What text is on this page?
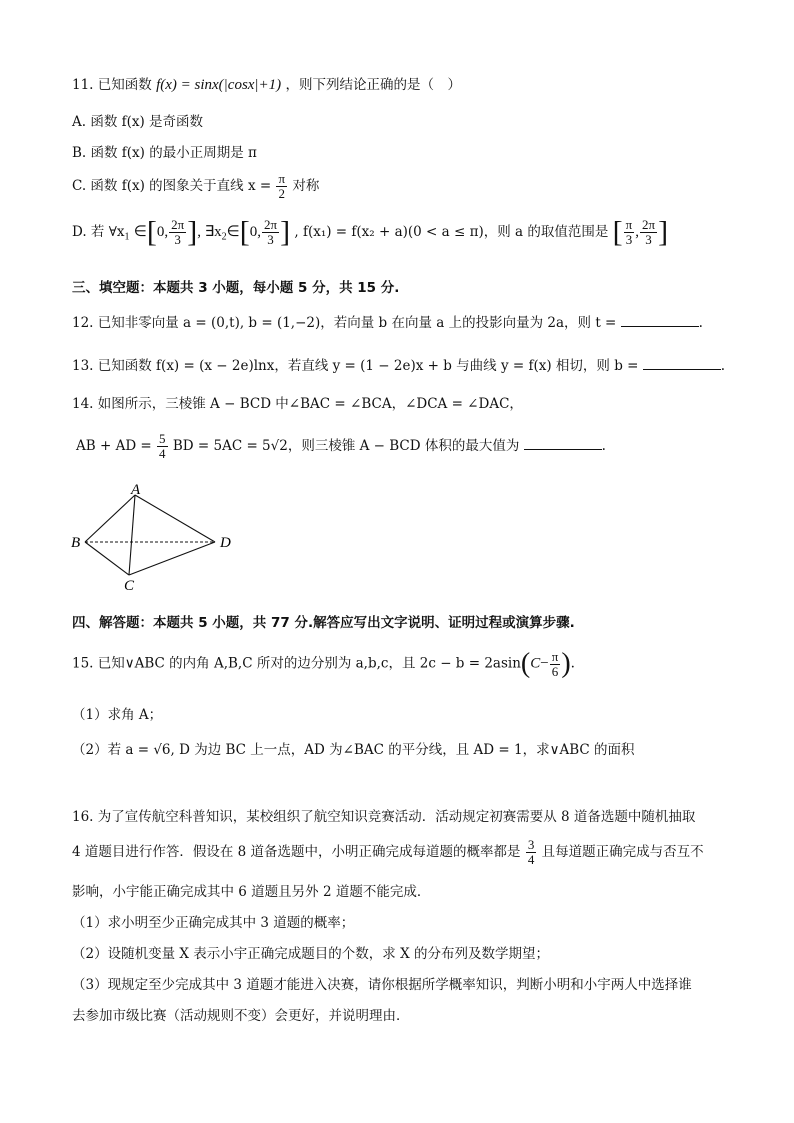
11. 已知函数 f(x) = sinx(|cosx|+1) ，则下列结论正确的是（　）
A. 函数 f(x) 是奇函数
B. 函数 f(x) 的最小正周期是 π
C. 函数 f(x) 的图象关于直线 $x = \frac{\pi}{2}$ 对称
D. 若 $\forall x_1$ ∈[0, $\frac{2\pi}{3}$ ], $\exists x_2\in[0$, $\frac{2\pi}{3}$ ] , f(x₁) = f(x₂ + a)(0 < a ≤ π)，则 a 的取值范围是 [ $\frac{\pi}{3}$ , $\frac{2\pi}{3}$ ]
三、填空题：本题共 3 小题，每小题 5 分，共 15 分.
12. 已知非零向量 a = (0,t), b = (1,−2)，若向量 b 在向量 a 上的投影向量为 2a，则 t =	.
13. 已知函数 f(x) = (x − 2e)lnx，若直线 y = (1 − 2e)x + b 与曲线 y = f(x) 相切，则 b =	.
14. 如图所示，三棱锥 A − BCD 中∠BAC = ∠BCA，∠DCA = ∠DAC，
AB + AD = $\frac{5}{4}$ BD = 5AC = 5√2，则三棱锥 A − BCD 体积的最大值为	.
A
B
C
D
四、解答题：本题共 5 小题，共 77 分.解答应写出文字说明、证明过程或演算步骤.
15. 已知∨ABC 的内角 A,B,C 所对的边分别为 a,b,c，且 $2c - b = 2asin(C- \frac{\pi}{6}$ ).
（1）求角 A；
（2）若 a = √6, D 为边 BC 上一点，AD 为∠BAC 的平分线，且 AD = 1，求∨ABC 的面积
16. 为了宣传航空科普知识，某校组织了航空知识竞赛活动．活动规定初赛需要从 8 道备选题中随机抽取
4 道题目进行作答．假设在 8 道备选题中，小明正确完成每道题的概率都是 $\frac{3}{4}$ 且每道题正确完成与否互不
影响，小宇能正确完成其中 6 道题且另外 2 道题不能完成．
（1）求小明至少正确完成其中 3 道题的概率；
（2）设随机变量 X 表示小宇正确完成题目的个数，求 X 的分布列及数学期望；
（3）现规定至少完成其中 3 道题才能进入决赛，请你根据所学概率知识，判断小明和小宇两人中选择谁
去参加市级比赛（活动规则不变）会更好，并说明理由．
